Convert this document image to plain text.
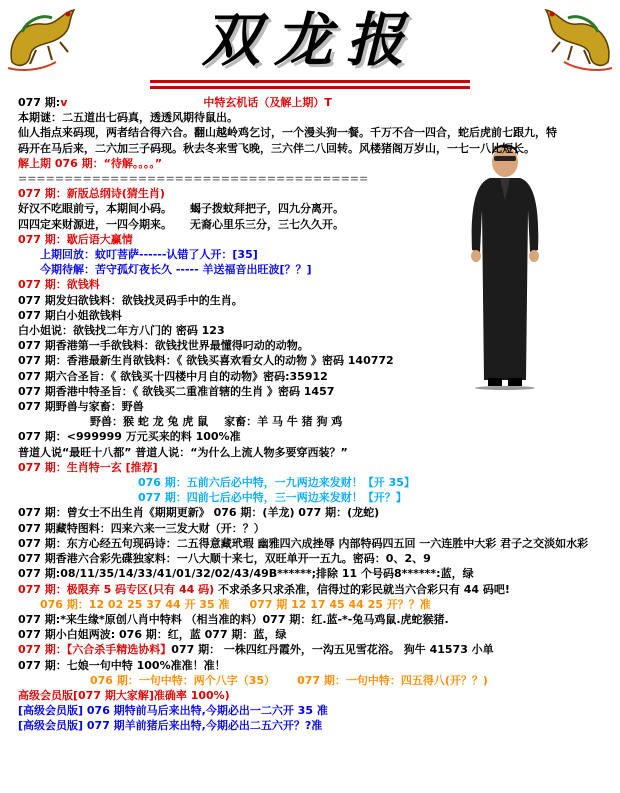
双龙报
077 期:v	中特玄机话（及解上期）T
本期谜：二五道出七码真，透透风期待鼠出。
仙人指点来码现，两者结合得六合。翻山越岭鸡乞讨，一个漫头狗一餐。千万不合一四合，蛇后虎前七跟九，特码开在马后来，二六加三子码现。秋去冬来雪飞晚，三六伴二八回转。风楼猪阁万岁山，一七一八比短长。
解上期 076 期：“待解。。。。”
======================================
077 期：新版总纲诗(猜生肖)
好汉不吃眼前亏，本期间小码。 蝎子拨蚊拜把子，四九分离开。
四四定来财源进，一四今期来。 无裔心里乐三分，三七久久开。
077 期：歇后语大赢情
上期回放：蚊叮菩萨------认错了人开：[35]
今期待解：苦守孤灯夜长久 ----- 羊送福音出旺波[？？]
077 期：欲钱料
077 期发妇欲钱料：欲钱找灵码手中的生肖。
077 期白小姐欲钱料
白小姐说：欲钱找二年方八门的 密码 123
077 期香港第一手欲钱料：欲钱找世界最懂得叼动的动物。
077 期：香港最新生肖欲钱料：《 欲钱买喜欢看女人的动物 》密码 140772
077 期六合圣旨：《 欲钱买十四楼中月自的动物》密码:35912
077 期香港中特圣旨：《 欲钱买二重准首辖的生肖 》密码 1457
077 期野兽与家畜：野兽
野兽：猴 蛇 龙 兔 虎 鼠 家畜：羊 马 牛 猪 狗 鸡
077 期：<999999 万元买来的料 100%准
普道人说“最旺十八都” 普道人说：“为什么上流人物多要穿西装？”
077 期：生肖特一玄 [推荐]
076 期：五前六后必中特，一九两边来发财！【开 35】
077 期：四前七后必中特，三一两边来发财！【开？】
077 期：曾女士不出生肖《期期更新》 076 期：(羊龙) 077 期：(龙蛇)
077 期藏特图料：四来六来一三发大财（开：？）
077 期：东方心经五句现码诗：二五得意藏玳瑕 幽雅四六成挫辱 内部特码四五回 一六连胜中大彩 君子之交淡如水彩
077 期香港六合彩先碟独家料：一八大顺十来七，双旺单开一五九。密码：0、2、9
077 期:08/11/35/14/33/41/01/32/02/43/49B******;排除 11 个号码8******:蓝，绿
077 期：极限弃 5 码专区(只有 44 码) 不求杀多只求杀准，信得过的彩民就当六合彩只有 44 码吧!
076 期：12 02 25 37 44 开 35 准 077 期 12 17 45 44 25 开？？准
077 期:*来生缘*原创八肖中特料 （相当准的料）077 期：红.蓝-*-兔马鸡鼠.虎蛇猴猪.
077 期小白姐两波: 076 期：红，蓝 077 期：蓝，绿
077 期：【六合杀手精选协料】077 期： 一株四红丹霞外，一沟五见雪花浴。 狗牛 41573 小单
077 期：七娘一句中特 100%准准！准！
076 期：一句中特：两个八字（35） 077 期：一句中特：四五得八(开？？)
高级会员版[077 期大家解]准确率 100%)
[高级会员版] 076 期特前马后来出特,今期必出一二六开 35 准
[高级会员版] 077 期羊前猪后来出特,今期必出二五六开？?准
